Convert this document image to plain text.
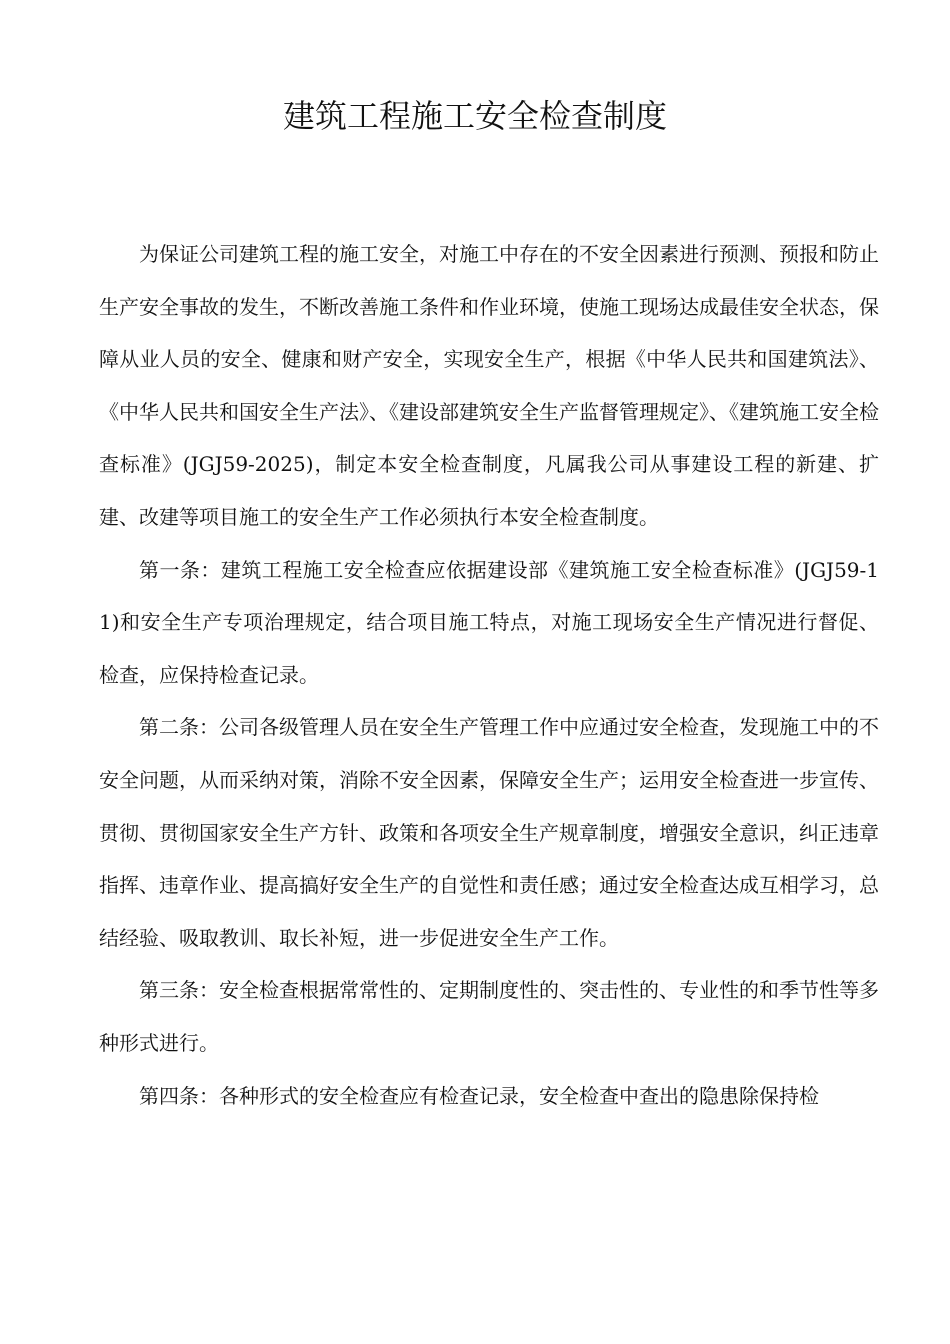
建筑工程施工安全检查制度

为保证公司建筑工程的施工安全，对施工中存在的不安全因素进行预测、预报和防止生产安全事故的发生，不断改善施工条件和作业环境，使施工现场达成最佳安全状态，保障从业人员的安全、健康和财产安全，实现安全生产，根据《中华人民共和国建筑法》、《中华人民共和国安全生产法》、《建设部建筑安全生产监督管理规定》、《建筑施工安全检查标准》(JGJ59-2025)，制定本安全检查制度，凡属我公司从事建设工程的新建、扩建、改建等项目施工的安全生产工作必须执行本安全检查制度。

第一条：建筑工程施工安全检查应依据建设部《建筑施工安全检查标准》(JGJ59-11)和安全生产专项治理规定，结合项目施工特点，对施工现场安全生产情况进行督促、检查，应保持检查记录。

第二条：公司各级管理人员在安全生产管理工作中应通过安全检查，发现施工中的不安全问题，从而采纳对策，消除不安全因素，保障安全生产；运用安全检查进一步宣传、贯彻、贯彻国家安全生产方针、政策和各项安全生产规章制度，增强安全意识，纠正违章指挥、违章作业、提高搞好安全生产的自觉性和责任感；通过安全检查达成互相学习，总结经验、吸取教训、取长补短，进一步促进安全生产工作。

第三条：安全检查根据常常性的、定期制度性的、突击性的、专业性的和季节性等多种形式进行。

第四条：各种形式的安全检查应有检查记录，安全检查中查出的隐患除保持检
